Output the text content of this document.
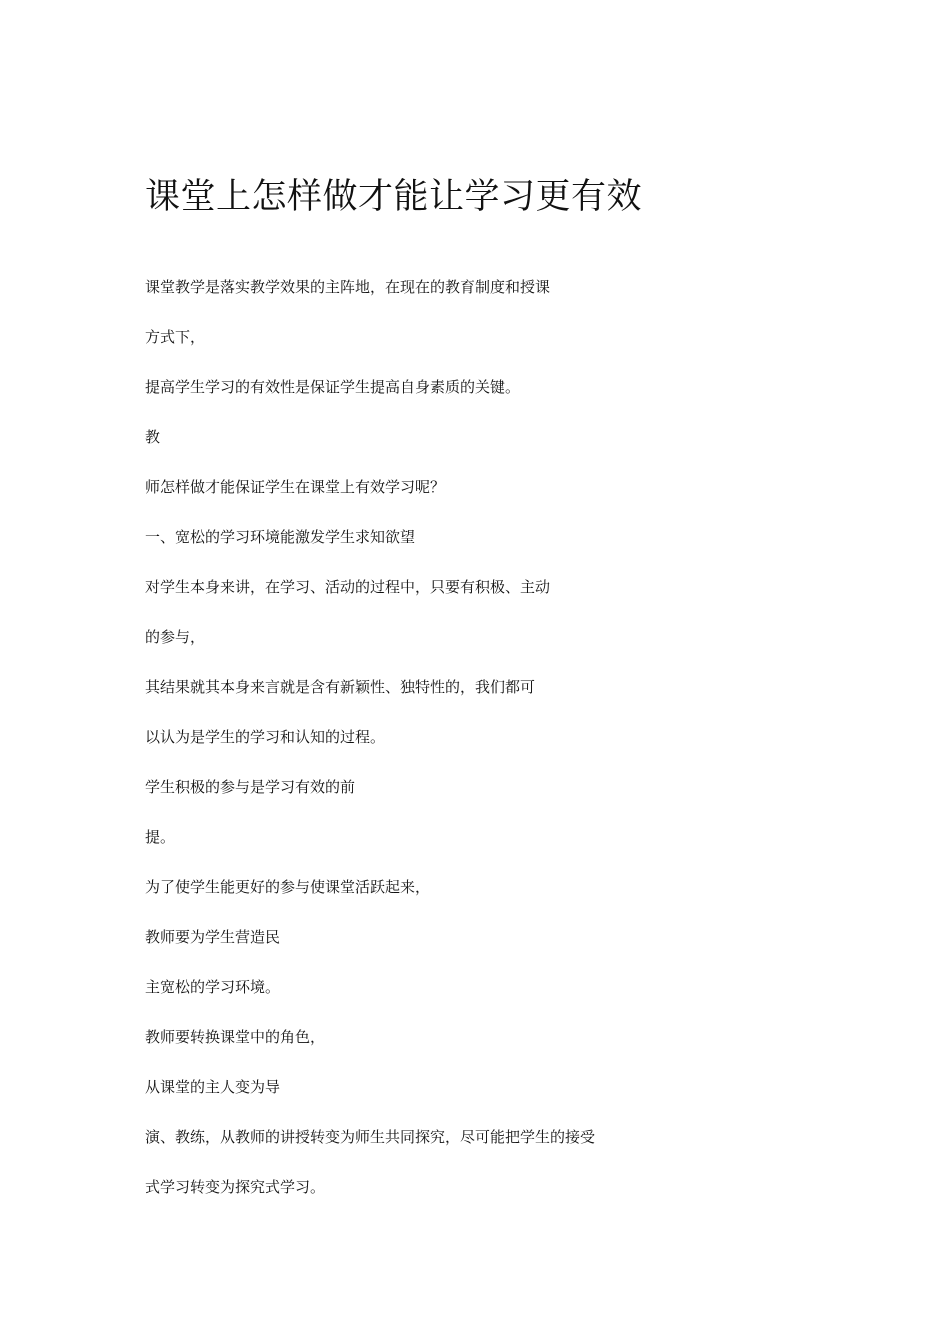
课堂上怎样做才能让学习更有效

课堂教学是落实教学效果的主阵地，在现在的教育制度和授课

方式下，

提高学生学习的有效性是保证学生提高自身素质的关键。

教

师怎样做才能保证学生在课堂上有效学习呢？

一、宽松的学习环境能激发学生求知欲望

对学生本身来讲，在学习、活动的过程中，只要有积极、主动

的参与，

其结果就其本身来言就是含有新颖性、独特性的，我们都可

以认为是学生的学习和认知的过程。

学生积极的参与是学习有效的前

提。

为了使学生能更好的参与使课堂活跃起来，

教师要为学生营造民

主宽松的学习环境。

教师要转换课堂中的角色，

从课堂的主人变为导

演、教练，从教师的讲授转变为师生共同探究，尽可能把学生的接受

式学习转变为探究式学习。
